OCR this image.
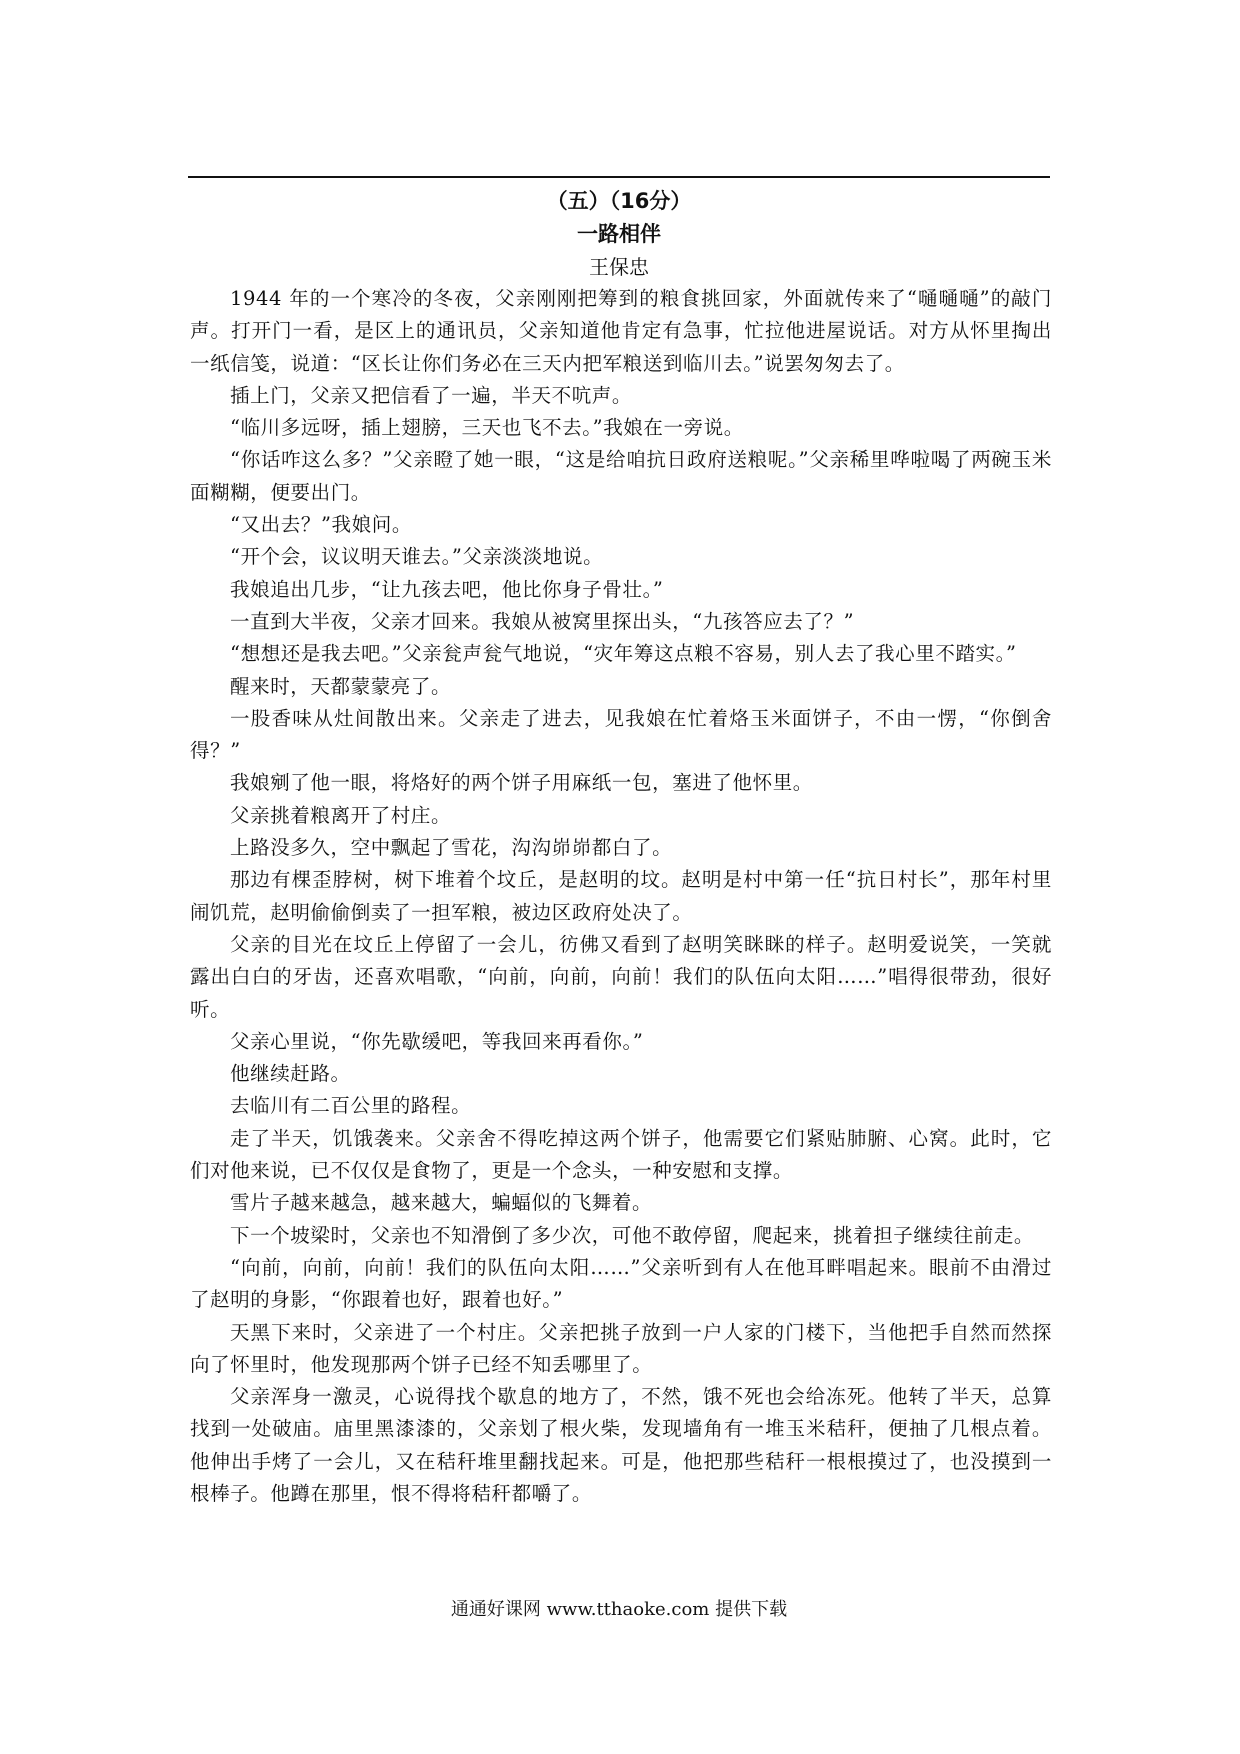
（五）（16分）
一路相伴
王保忠

1944 年的一个寒冷的冬夜，父亲刚刚把筹到的粮食挑回家，外面就传来了“嗵嗵嗵”的敲门声。打开门一看，是区上的通讯员，父亲知道他肯定有急事，忙拉他进屋说话。对方从怀里掏出一纸信笺，说道：“区长让你们务必在三天内把军粮送到临川去。”说罢匆匆去了。

插上门，父亲又把信看了一遍，半天不吭声。

“临川多远呀，插上翅膀，三天也飞不去。”我娘在一旁说。

“你话咋这么多？”父亲瞪了她一眼，“这是给咱抗日政府送粮呢。”父亲稀里哗啦喝了两碗玉米面糊糊，便要出门。

“又出去？”我娘问。

“开个会，议议明天谁去。”父亲淡淡地说。

我娘追出几步，“让九孩去吧，他比你身子骨壮。”

一直到大半夜，父亲才回来。我娘从被窝里探出头，“九孩答应去了？”

“想想还是我去吧。”父亲瓮声瓮气地说，“灾年筹这点粮不容易，别人去了我心里不踏实。”

醒来时，天都蒙蒙亮了。

一股香味从灶间散出来。父亲走了进去，见我娘在忙着烙玉米面饼子，不由一愣，“你倒舍得？”

我娘剜了他一眼，将烙好的两个饼子用麻纸一包，塞进了他怀里。

父亲挑着粮离开了村庄。

上路没多久，空中飘起了雪花，沟沟峁峁都白了。

那边有棵歪脖树，树下堆着个坟丘，是赵明的坟。赵明是村中第一任“抗日村长”，那年村里闹饥荒，赵明偷偷倒卖了一担军粮，被边区政府处决了。

父亲的目光在坟丘上停留了一会儿，彷佛又看到了赵明笑眯眯的样子。赵明爱说笑，一笑就露出白白的牙齿，还喜欢唱歌，“向前，向前，向前！我们的队伍向太阳……”唱得很带劲，很好听。

父亲心里说，“你先歇缓吧，等我回来再看你。”

他继续赶路。

去临川有二百公里的路程。

走了半天，饥饿袭来。父亲舍不得吃掉这两个饼子，他需要它们紧贴肺腑、心窝。此时，它们对他来说，已不仅仅是食物了，更是一个念头，一种安慰和支撑。

雪片子越来越急，越来越大，蝙蝠似的飞舞着。

下一个坡梁时，父亲也不知滑倒了多少次，可他不敢停留，爬起来，挑着担子继续往前走。

“向前，向前，向前！我们的队伍向太阳……”父亲听到有人在他耳畔唱起来。眼前不由滑过了赵明的身影，“你跟着也好，跟着也好。”

天黑下来时，父亲进了一个村庄。父亲把挑子放到一户人家的门楼下，当他把手自然而然探向了怀里时，他发现那两个饼子已经不知丢哪里了。

父亲浑身一激灵，心说得找个歇息的地方了，不然，饿不死也会给冻死。他转了半天，总算找到一处破庙。庙里黑漆漆的，父亲划了根火柴，发现墙角有一堆玉米秸秆，便抽了几根点着。他伸出手烤了一会儿，又在秸秆堆里翻找起来。可是，他把那些秸秆一根根摸过了，也没摸到一根棒子。他蹲在那里，恨不得将秸秆都嚼了。

通通好课网 www.tthaoke.com 提供下载
